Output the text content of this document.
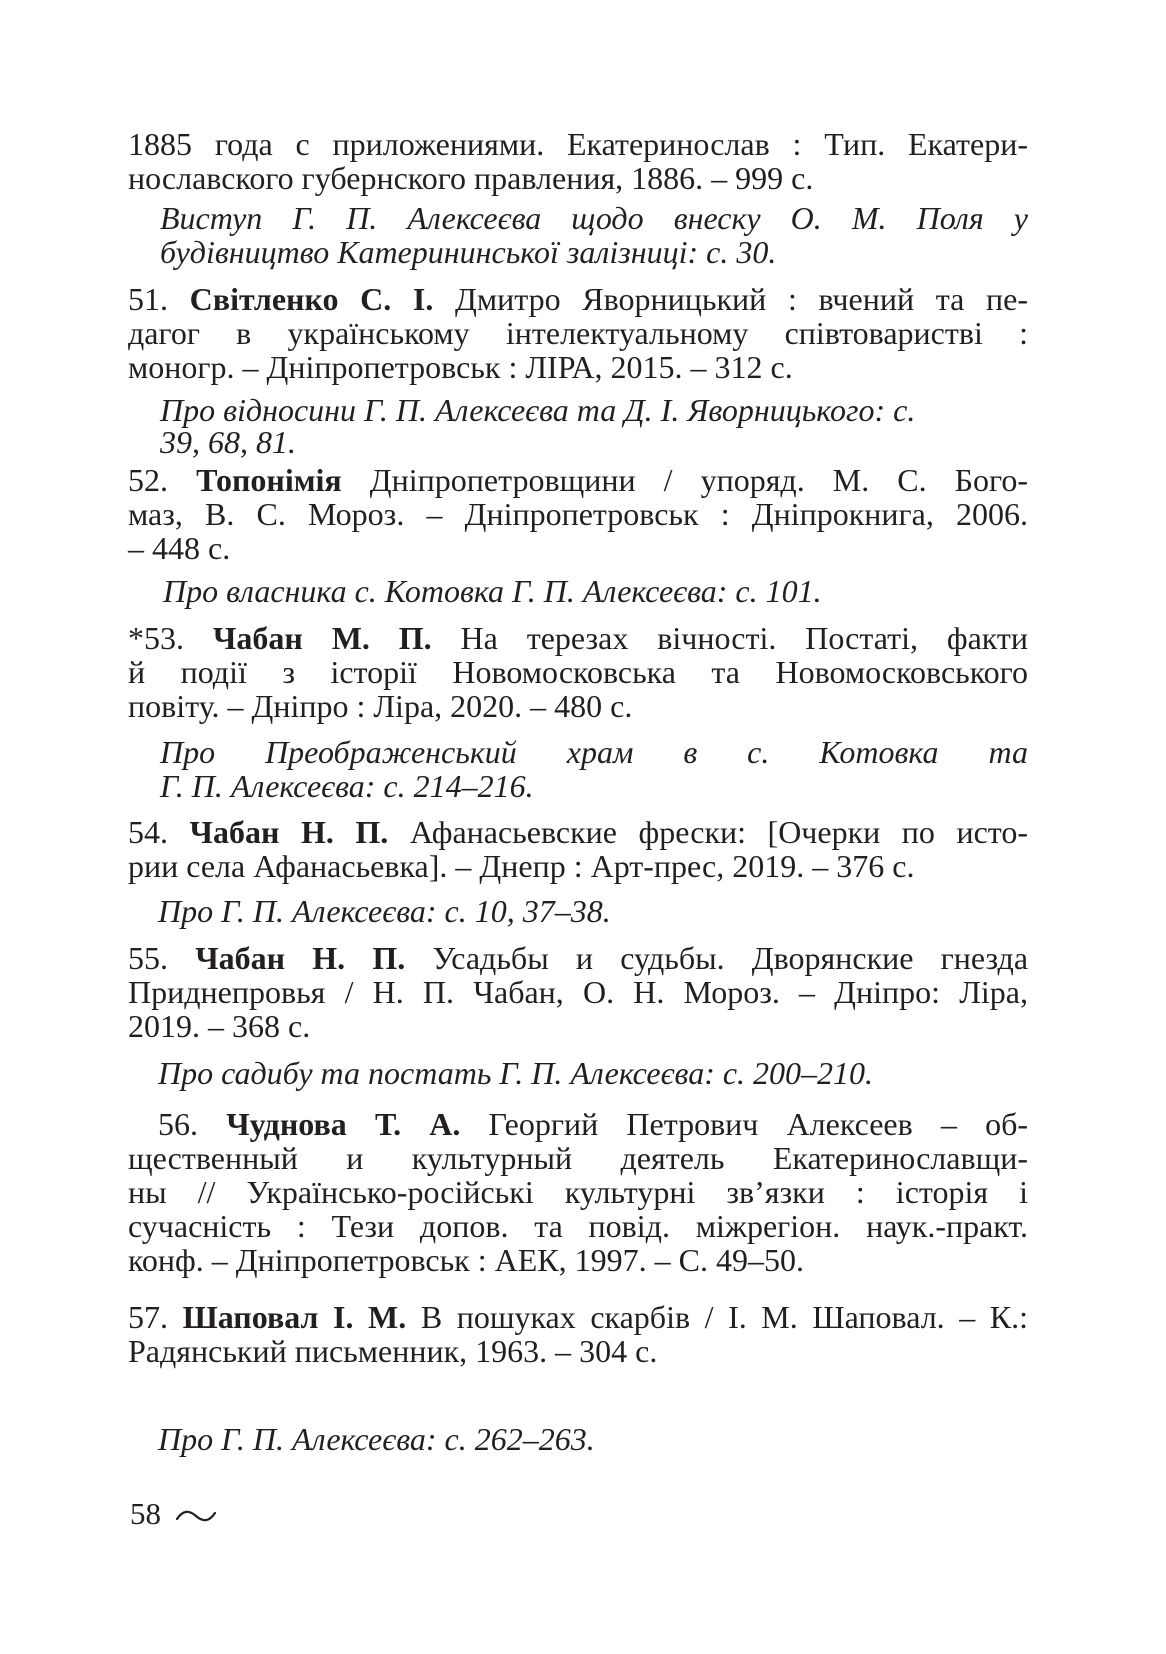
1885 года с приложениями. Екатеринослав : Тип. Екатери-
нославского губернского правления, 1886. – 999 с.
Виступ Г. П. Алексеєва щодо внеску О. М. Поля у
будівництво Катерининської залізниці: с. 30.
51. Світленко С. І. Дмитро Яворницький : вчений та пе-
дагог в українському інтелектуальному співтоваристві :
моногр. – Дніпропетровськ : ЛІРА, 2015. – 312 с.
Про відносини Г. П. Алексеєва та Д. І. Яворницького: с.
39, 68, 81.
52. Топонімія Дніпропетровщини / упоряд. М. С. Бого-
маз, В. С. Мороз. – Дніпропетровськ : Дніпрокнига, 2006.
– 448 с.
Про власника с. Котовка Г. П. Алексеєва: с. 101.
*53. Чабан М. П. На терезах вічності. Постаті, факти
й події з історії Новомосковська та Новомосковського
повіту. – Дніпро : Ліра, 2020. – 480 с.
Про Преображенський храм в с. Котовка та
Г. П. Алексеєва: с. 214–216.
54. Чабан Н. П. Афанасьевские фрески: [Очерки по исто-
рии села Афанасьевка]. – Днепр : Арт-прес, 2019. – 376 с.
Про Г. П. Алексеєва: с. 10, 37–38.
55. Чабан Н. П. Усадьбы и судьбы. Дворянские гнезда
Приднепровья / Н. П. Чабан, О. Н. Мороз. – Дніпро: Ліра,
2019. – 368 с.
Про садибу та постать Г. П. Алексеєва: с. 200–210.
56. Чуднова Т. А. Георгий Петрович Алексеев – об-
щественный и культурный деятель Екатеринославщи-
ны // Українсько-російські культурні зв’язки : історія і
сучасність : Тези допов. та повід. міжрегіон. наук.-практ.
конф. – Дніпропетровськ : АЕК, 1997. – С. 49–50.
57. Шаповал І. М. В пошуках скарбів / І. М. Шаповал. – К.:
Радянський письменник, 1963. – 304 с.
Про Г. П. Алексеєва: с. 262–263.
58
